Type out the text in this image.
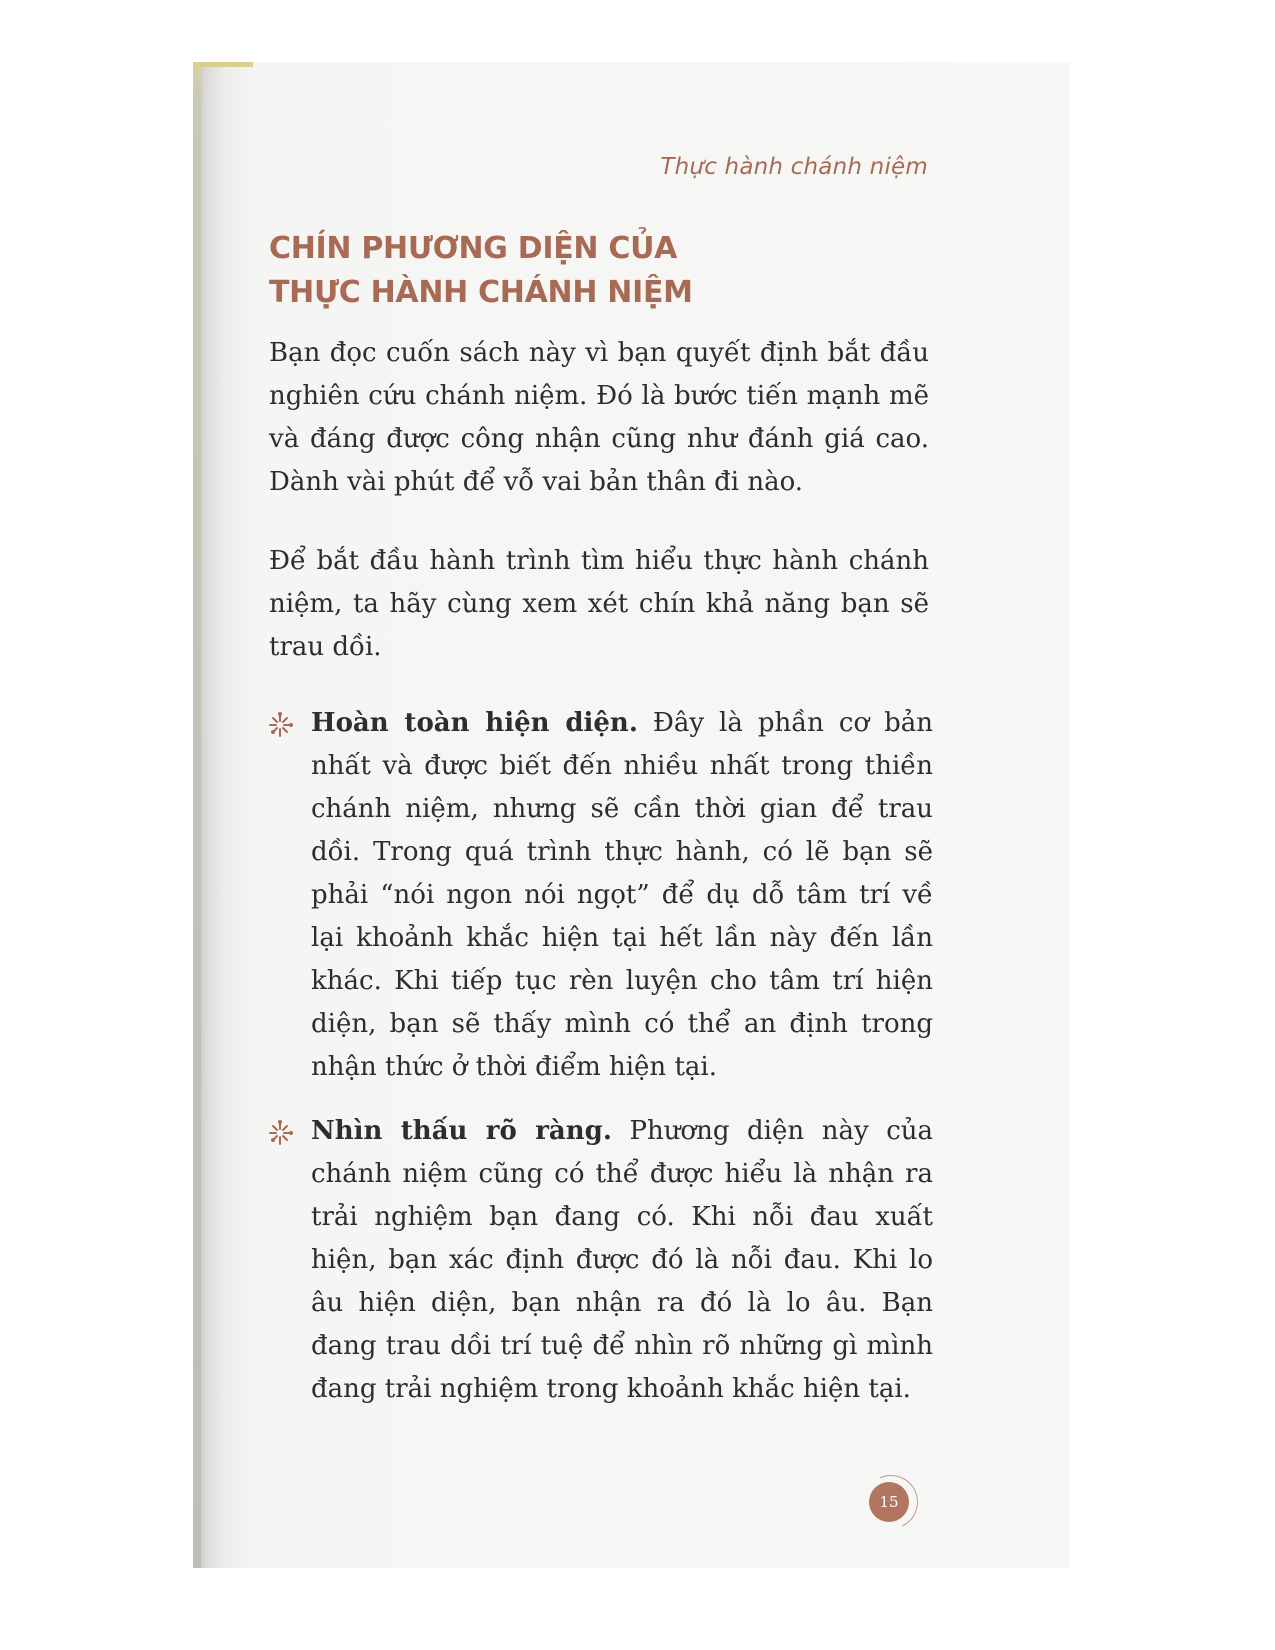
Thực hành chánh niệm
CHÍN PHƯƠNG DIỆN CỦA
THỰC HÀNH CHÁNH NIỆM

Bạn đọc cuốn sách này vì bạn quyết định bắt đầu nghiên cứu chánh niệm. Đó là bước tiến mạnh mẽ và đáng được công nhận cũng như đánh giá cao. Dành vài phút để vỗ vai bản thân đi nào.

Để bắt đầu hành trình tìm hiểu thực hành chánh niệm, ta hãy cùng xem xét chín khả năng bạn sẽ trau dồi.

Hoàn toàn hiện diện. Đây là phần cơ bản nhất và được biết đến nhiều nhất trong thiền chánh niệm, nhưng sẽ cần thời gian để trau dồi. Trong quá trình thực hành, có lẽ bạn sẽ phải “nói ngon nói ngọt” để dụ dỗ tâm trí về lại khoảnh khắc hiện tại hết lần này đến lần khác. Khi tiếp tục rèn luyện cho tâm trí hiện diện, bạn sẽ thấy mình có thể an định trong nhận thức ở thời điểm hiện tại.

Nhìn thấu rõ ràng. Phương diện này của chánh niệm cũng có thể được hiểu là nhận ra trải nghiệm bạn đang có. Khi nỗi đau xuất hiện, bạn xác định được đó là nỗi đau. Khi lo âu hiện diện, bạn nhận ra đó là lo âu. Bạn đang trau dồi trí tuệ để nhìn rõ những gì mình đang trải nghiệm trong khoảnh khắc hiện tại.

15
